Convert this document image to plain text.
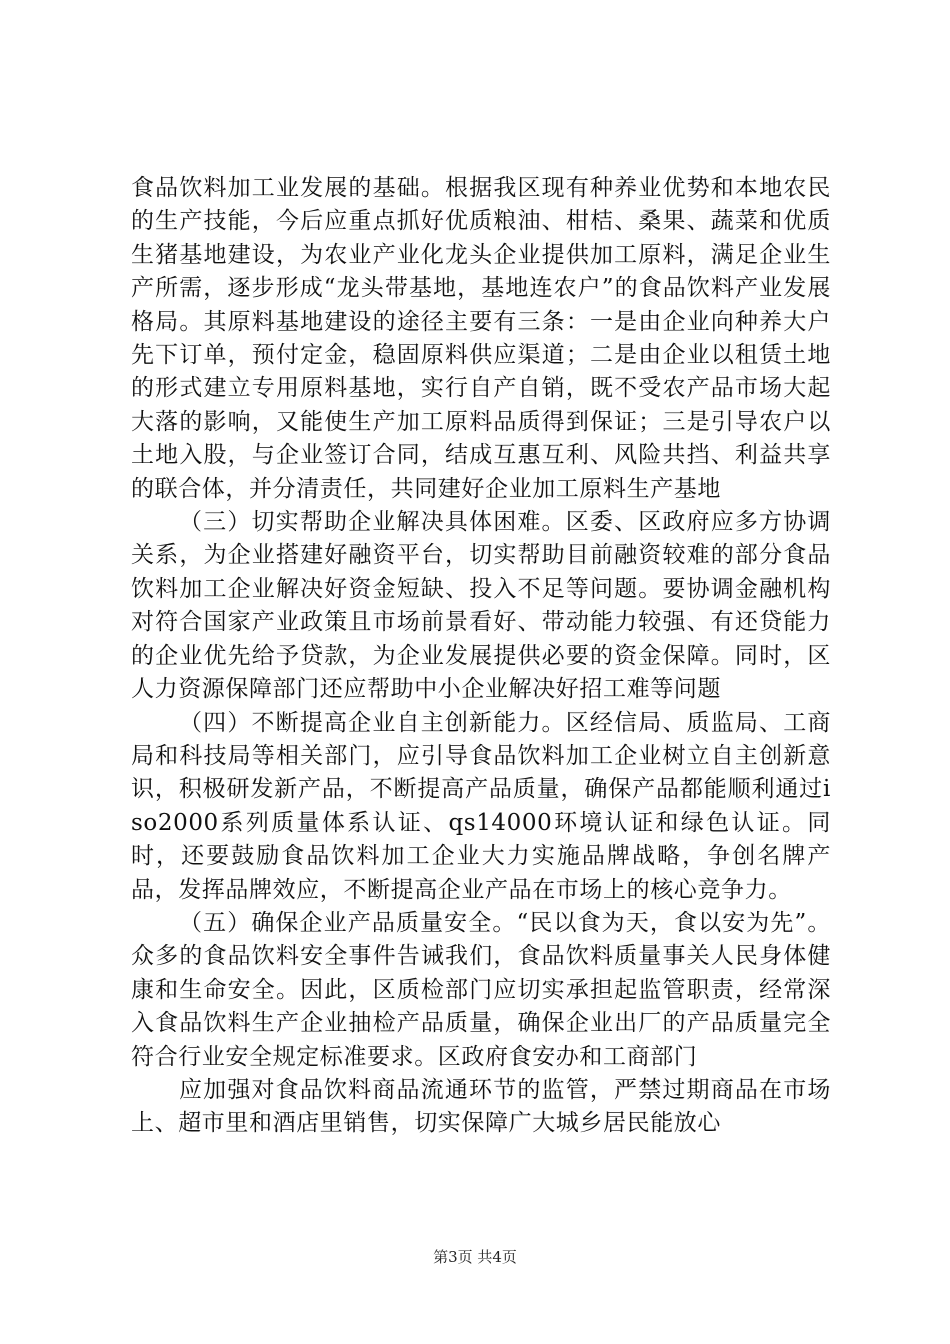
食品饮料加工业发展的基础。根据我区现有种养业优势和本地农民的生产技能，今后应重点抓好优质粮油、柑桔、桑果、蔬菜和优质生猪基地建设，为农业产业化龙头企业提供加工原料，满足企业生产所需，逐步形成“龙头带基地，基地连农户”的食品饮料产业发展格局。其原料基地建设的途径主要有三条：一是由企业向种养大户先下订单，预付定金，稳固原料供应渠道；二是由企业以租赁土地的形式建立专用原料基地，实行自产自销，既不受农产品市场大起大落的影响，又能使生产加工原料品质得到保证；三是引导农户以土地入股，与企业签订合同，结成互惠互利、风险共挡、利益共享的联合体，并分清责任，共同建好企业加工原料生产基地

（三）切实帮助企业解决具体困难。区委、区政府应多方协调关系，为企业搭建好融资平台，切实帮助目前融资较难的部分食品饮料加工企业解决好资金短缺、投入不足等问题。要协调金融机构对符合国家产业政策且市场前景看好、带动能力较强、有还贷能力的企业优先给予贷款，为企业发展提供必要的资金保障。同时，区人力资源保障部门还应帮助中小企业解决好招工难等问题

（四）不断提高企业自主创新能力。区经信局、质监局、工商局和科技局等相关部门，应引导食品饮料加工企业树立自主创新意识，积极研发新产品，不断提高产品质量，确保产品都能顺利通过iso2000系列质量体系认证、qs14000环境认证和绿色认证。同时，还要鼓励食品饮料加工企业大力实施品牌战略，争创名牌产品，发挥品牌效应，不断提高企业产品在市场上的核心竞争力。

（五）确保企业产品质量安全。“民以食为天，食以安为先”。众多的食品饮料安全事件告诫我们，食品饮料质量事关人民身体健康和生命安全。因此，区质检部门应切实承担起监管职责，经常深入食品饮料生产企业抽检产品质量，确保企业出厂的产品质量完全符合行业安全规定标准要求。区政府食安办和工商部门

应加强对食品饮料商品流通环节的监管，严禁过期商品在市场上、超市里和酒店里销售，切实保障广大城乡居民能放心

第3页 共4页
